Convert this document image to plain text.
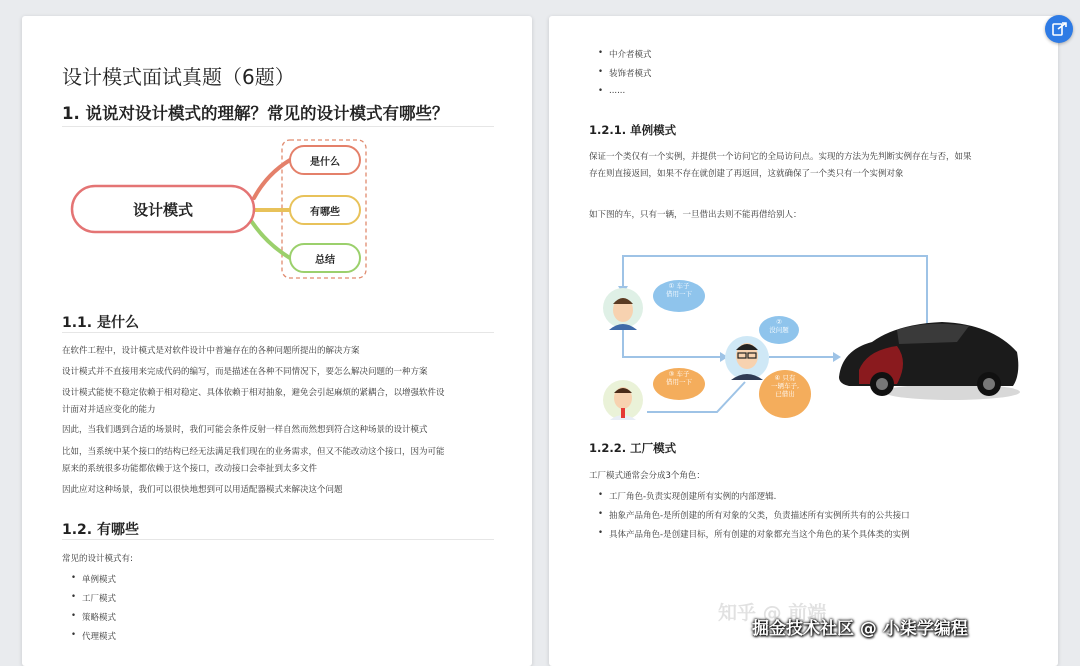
设计模式面试真题（6题）
1. 说说对设计模式的理解？常见的设计模式有哪些？
设计模式
是什么
有哪些
总结
1.1. 是什么
在软件工程中，设计模式是对软件设计中普遍存在的各种问题所提出的解决方案
设计模式并不直接用来完成代码的编写，而是描述在各种不同情况下，要怎么解决问题的一种方案
设计模式能使不稳定依赖于相对稳定、具体依赖于相对抽象，避免会引起麻烦的紧耦合，以增强软件设
计面对并适应变化的能力
因此，当我们遇到合适的场景时，我们可能会条件反射一样自然而然想到符合这种场景的设计模式
比如，当系统中某个接口的结构已经无法满足我们现在的业务需求，但又不能改动这个接口，因为可能
原来的系统很多功能都依赖于这个接口，改动接口会牵扯到太多文件
因此应对这种场景，我们可以很快地想到可以用适配器模式来解决这个问题
1.2. 有哪些
常见的设计模式有:
• 单例模式
• 工厂模式
• 策略模式
• 代理模式
• 中介者模式
• 装饰者模式
• ......
1.2.1. 单例模式
保证一个类仅有一个实例，并提供一个访问它的全局访问点。实现的方法为先判断实例存在与否，如果
存在则直接返回，如果不存在就创建了再返回，这就确保了一个类只有一个实例对象
如下图的车，只有一辆，一旦借出去则不能再借给别人：
① 车子
借用一下
②
没问题
③ 车子
借用一下	④ 只有
一辆车子,
已借出
1.2.2. 工厂模式
工厂模式通常会分成3个角色：
• 工厂角色-负责实现创建所有实例的内部逻辑.
• 抽象产品角色-是所创建的所有对象的父类，负责描述所有实例所共有的公共接口
• 具体产品角色-是创建目标，所有创建的对象都充当这个角色的某个具体类的实例
知乎 @ 前端
掘金技术社区 @ 小柒学编程
